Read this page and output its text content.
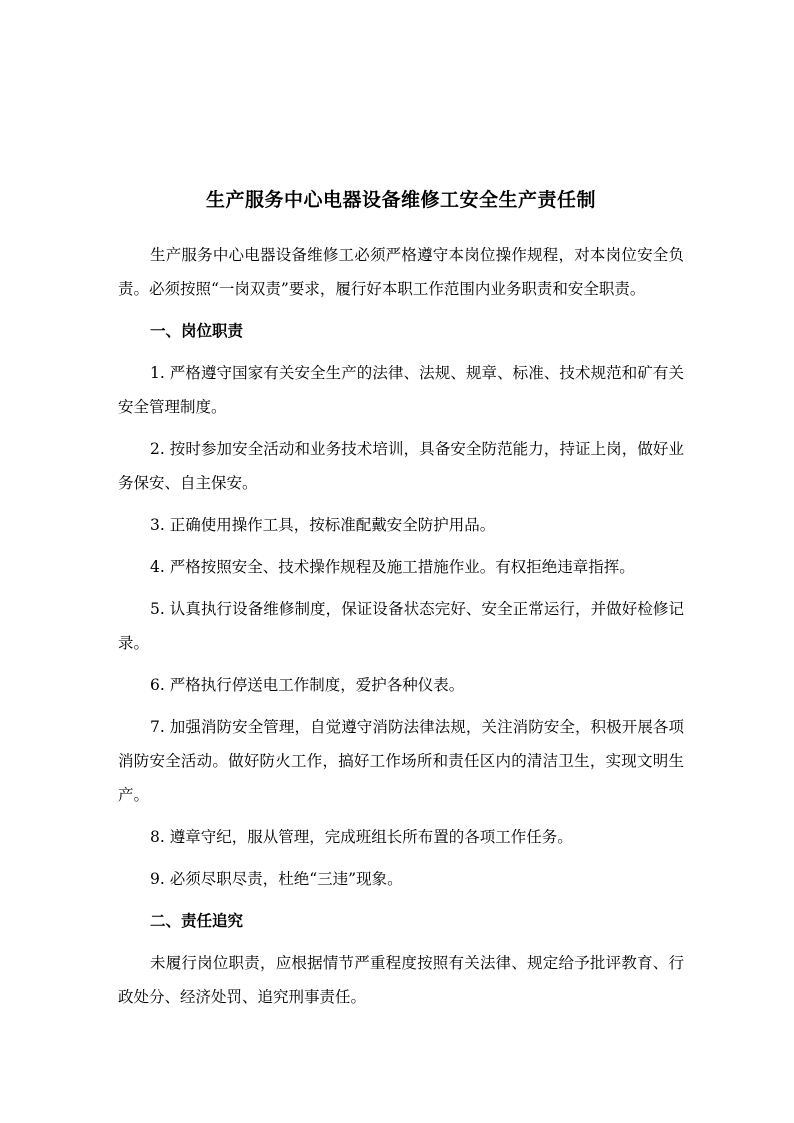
生产服务中心电器设备维修工安全生产责任制

生产服务中心电器设备维修工必须严格遵守本岗位操作规程，对本岗位安全负责。必须按照“一岗双责”要求，履行好本职工作范围内业务职责和安全职责。

一、岗位职责

1. 严格遵守国家有关安全生产的法律、法规、规章、标准、技术规范和矿有关安全管理制度。

2. 按时参加安全活动和业务技术培训，具备安全防范能力，持证上岗，做好业务保安、自主保安。

3. 正确使用操作工具，按标准配戴安全防护用品。

4. 严格按照安全、技术操作规程及施工措施作业。有权拒绝违章指挥。

5. 认真执行设备维修制度，保证设备状态完好、安全正常运行，并做好检修记录。

6. 严格执行停送电工作制度，爱护各种仪表。

7. 加强消防安全管理，自觉遵守消防法律法规，关注消防安全，积极开展各项消防安全活动。做好防火工作，搞好工作场所和责任区内的清洁卫生，实现文明生产。

8. 遵章守纪，服从管理，完成班组长所布置的各项工作任务。

9. 必须尽职尽责，杜绝“三违”现象。

二、责任追究

未履行岗位职责，应根据情节严重程度按照有关法律、规定给予批评教育、行政处分、经济处罚、追究刑事责任。
